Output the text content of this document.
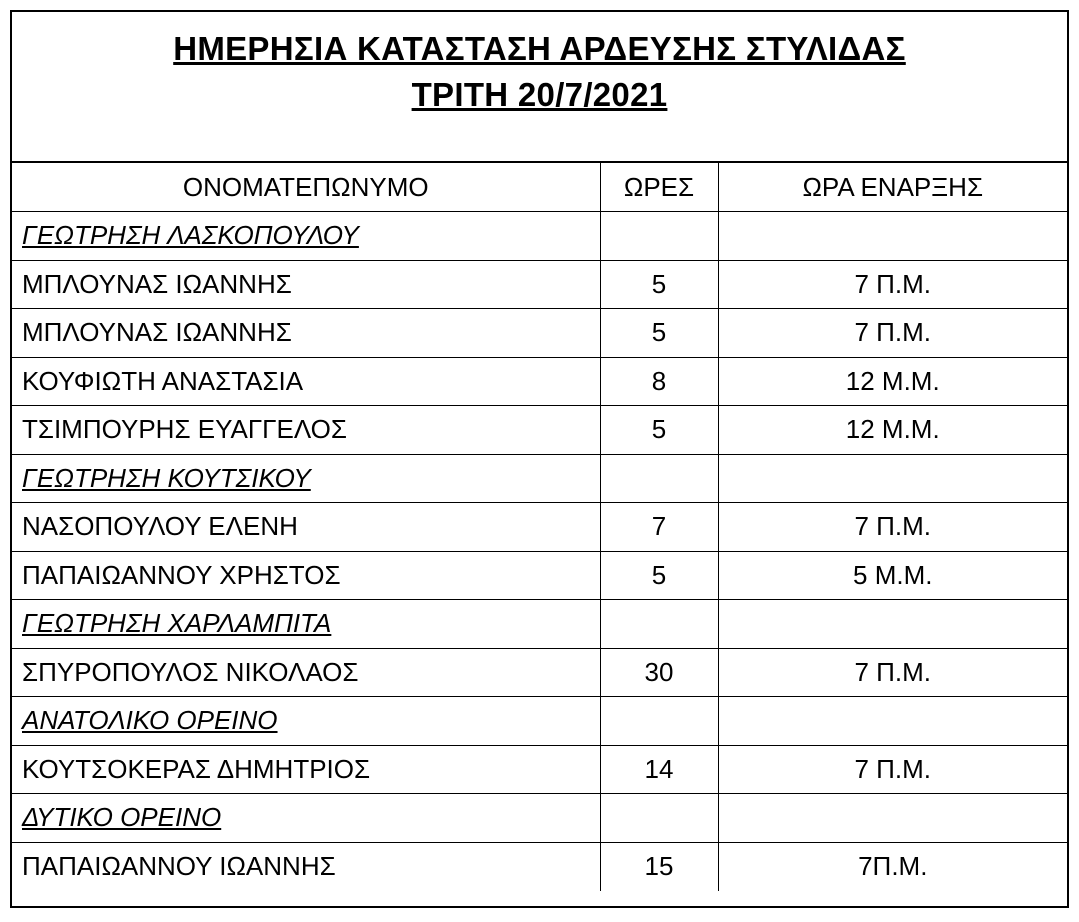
ΗΜΕΡΗΣΙΑ ΚΑΤΑΣΤΑΣΗ ΑΡΔΕΥΣΗΣ ΣΤΥΛΙΔΑΣ
ΤΡΙΤΗ 20/7/2021
ΟΝΟΜΑΤΕΠΩΝΥΜΟ	ΩΡΕΣ	ΩΡΑ ΕΝΑΡΞΗΣ
ΓΕΩΤΡΗΣΗ ΛΑΣΚΟΠΟΥΛΟΥ		
ΜΠΛΟΥΝΑΣ ΙΩΑΝΝΗΣ	5	7 Π.Μ.
ΜΠΛΟΥΝΑΣ ΙΩΑΝΝΗΣ	5	7 Π.Μ.
ΚΟΥΦΙΩΤΗ ΑΝΑΣΤΑΣΙΑ	8	12 Μ.Μ.
ΤΣΙΜΠΟΥΡΗΣ ΕΥΑΓΓΕΛΟΣ	5	12 Μ.Μ.
ΓΕΩΤΡΗΣΗ ΚΟΥΤΣΙΚΟΥ		
ΝΑΣΟΠΟΥΛΟΥ ΕΛΕΝΗ	7	7 Π.Μ.
ΠΑΠΑΙΩΑΝΝΟΥ ΧΡΗΣΤΟΣ	5	5 Μ.Μ.
ΓΕΩΤΡΗΣΗ ΧΑΡΛΑΜΠΙΤΑ		
ΣΠΥΡΟΠΟΥΛΟΣ ΝΙΚΟΛΑΟΣ	30	7 Π.Μ.
ΑΝΑΤΟΛΙΚΟ ΟΡΕΙΝΟ		
ΚΟΥΤΣΟΚΕΡΑΣ ΔΗΜΗΤΡΙΟΣ	14	7 Π.Μ.
ΔΥΤΙΚΟ ΟΡΕΙΝΟ		
ΠΑΠΑΙΩΑΝΝΟΥ ΙΩΑΝΝΗΣ	15	7Π.Μ.
